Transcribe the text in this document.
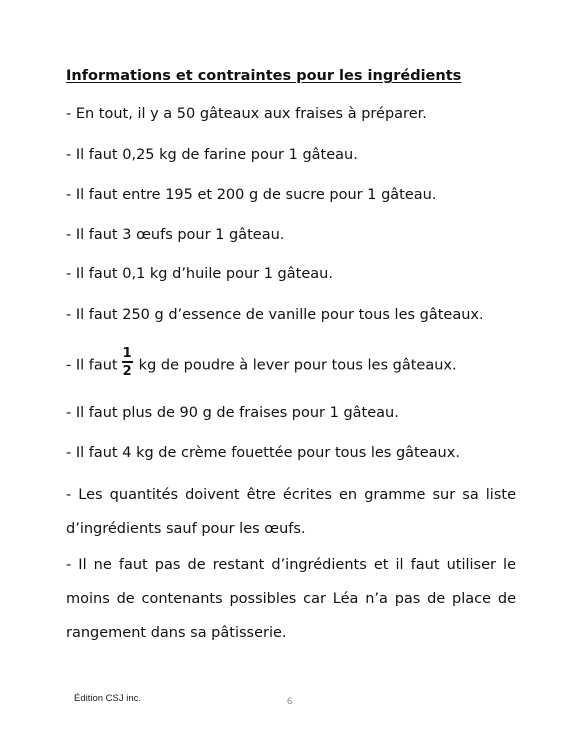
Informations et contraintes pour les ingrédients
- En tout, il y a 50 gâteaux aux fraises à préparer.
- Il faut 0,25 kg de farine pour 1 gâteau.
- Il faut entre 195 et 200 g de sucre pour 1 gâteau.
- Il faut 3 œufs pour 1 gâteau.
- Il faut 0,1 kg d’huile pour 1 gâteau.
- Il faut 250 g d’essence de vanille pour tous les gâteaux.
- Il faut $\frac{1}{2}$ kg de poudre à lever pour tous les gâteaux.
- Il faut plus de 90 g de fraises pour 1 gâteau.
- Il faut 4 kg de crème fouettée pour tous les gâteaux.
- Les quantités doivent être écrites en gramme sur sa liste d’ingrédients sauf pour les œufs.
- Il ne faut pas de restant d’ingrédients et il faut utiliser le moins de contenants possibles car Léa n’a pas de place de rangement dans sa pâtisserie.
Édition CSJ inc.	6
